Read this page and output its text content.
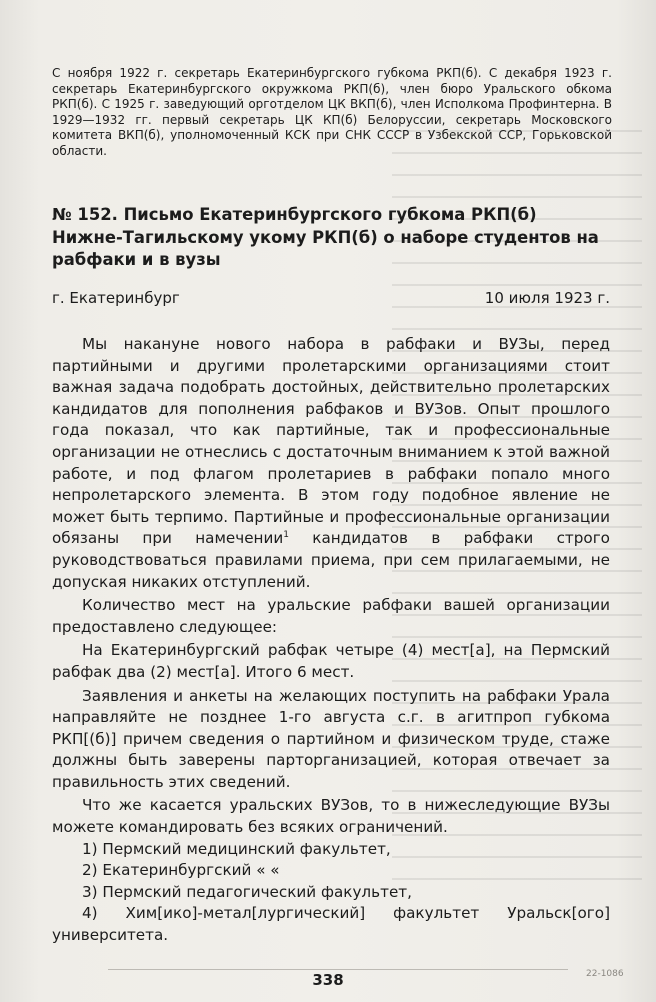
С ноября 1922 г. секретарь Екатеринбургского губкома РКП(б). С декабря 1923 г. секретарь Екатеринбургского окружкома РКП(б), член бюро Уральского обкома РКП(б). С 1925 г. заведующий орготделом ЦК ВКП(б), член Исполкома Профинтерна. В 1929—1932 гг. первый секретарь ЦК КП(б) Белоруссии, секретарь Московского комитета ВКП(б), уполномоченный КСК при СНК СССР в Узбекской ССР, Горьковской области.
№ 152. Письмо Екатеринбургского губкома РКП(б) Нижне-Тагильскому укому РКП(б) о наборе студентов на рабфаки и в вузы
г. Екатеринбург	10 июля 1923 г.

Мы накануне нового набора в рабфаки и ВУЗы, перед партийными и другими пролетарскими организациями стоит важная задача подобрать достойных, действительно пролетарских кандидатов для пополнения рабфаков и ВУЗов. Опыт прошлого года показал, что как партийные, так и профессиональные организации не отнеслись с достаточным вниманием к этой важной работе, и под флагом пролетариев в рабфаки попало много непролетарского элемента. В этом году подобное явление не может быть терпимо. Партийные и профессиональные организации обязаны при намечении$^1$ кандидатов в рабфаки строго руководствоваться правилами приема, при сем прилагаемыми, не допуская никаких отступлений.

Количество мест на уральские рабфаки вашей организации предоставлено следующее:

На Екатеринбургский рабфак четыре (4) мест[а], на Пермский рабфак два (2) мест[а]. Итого 6 мест.

Заявления и анкеты на желающих поступить на рабфаки Урала направляйте не позднее 1-го августа с.г. в агитпроп губкома РКП[(б)] причем сведения о партийном и физическом труде, стаже должны быть заверены парторганизацией, которая отвечает за правильность этих сведений.

Что же касается уральских ВУЗов, то в нижеследующие ВУЗы можете командировать без всяких ограничений.

1) Пермский медицинский факультет,
2) Екатеринбургский « «
3) Пермский педагогический факультет,
4) Хим[ико]-метал[лургический] факультет Уральск[ого] университета.
338	22-1086
